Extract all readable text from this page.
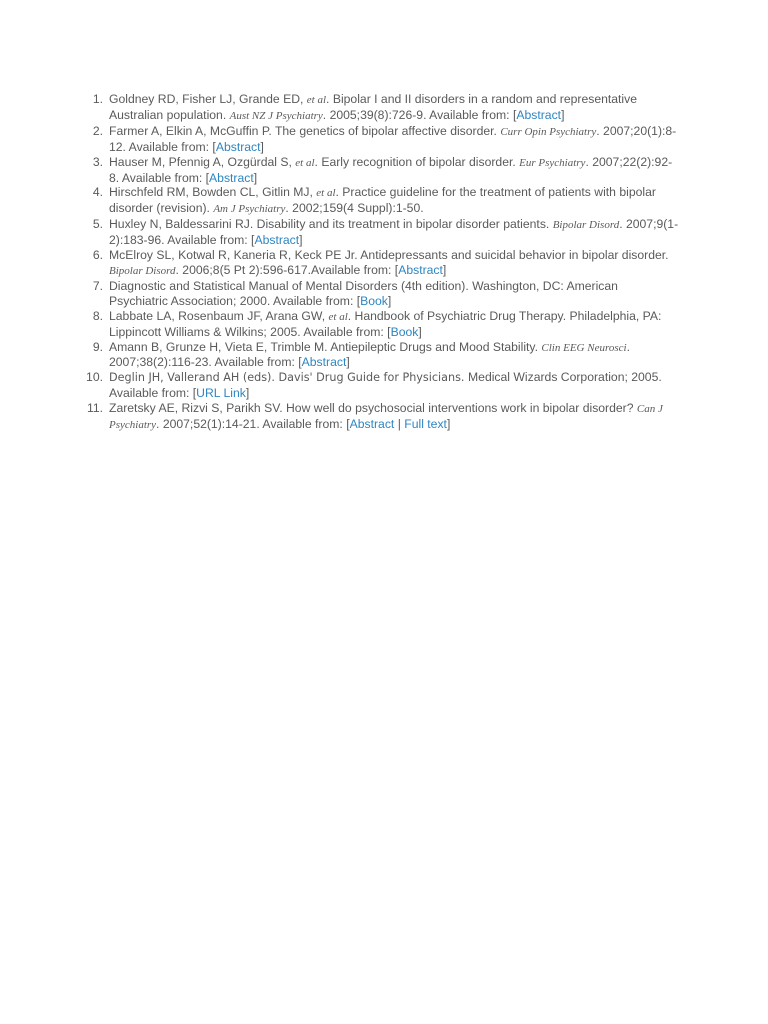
1. Goldney RD, Fisher LJ, Grande ED, et al. Bipolar I and II disorders in a random and representative Australian population. Aust NZ J Psychiatry. 2005;39(8):726-9. Available from: [Abstract]
2. Farmer A, Elkin A, McGuffin P. The genetics of bipolar affective disorder. Curr Opin Psychiatry. 2007;20(1):8-12. Available from: [Abstract]
3. Hauser M, Pfennig A, Ozgürdal S, et al. Early recognition of bipolar disorder. Eur Psychiatry. 2007;22(2):92-8. Available from: [Abstract]
4. Hirschfeld RM, Bowden CL, Gitlin MJ, et al. Practice guideline for the treatment of patients with bipolar disorder (revision). Am J Psychiatry. 2002;159(4 Suppl):1-50.
5. Huxley N, Baldessarini RJ. Disability and its treatment in bipolar disorder patients. Bipolar Disord. 2007;9(1-2):183-96. Available from: [Abstract]
6. McElroy SL, Kotwal R, Kaneria R, Keck PE Jr. Antidepressants and suicidal behavior in bipolar disorder. Bipolar Disord. 2006;8(5 Pt 2):596-617.Available from: [Abstract]
7. Diagnostic and Statistical Manual of Mental Disorders (4th edition). Washington, DC: American Psychiatric Association; 2000. Available from: [Book]
8. Labbate LA, Rosenbaum JF, Arana GW, et al. Handbook of Psychiatric Drug Therapy. Philadelphia, PA: Lippincott Williams & Wilkins; 2005. Available from: [Book]
9. Amann B, Grunze H, Vieta E, Trimble M. Antiepileptic Drugs and Mood Stability. Clin EEG Neurosci. 2007;38(2):116-23. Available from: [Abstract]
10. Deglin JH, Vallerand AH (eds). Davis' Drug Guide for Physicians. Medical Wizards Corporation; 2005. Available from: [URL Link]
11. Zaretsky AE, Rizvi S, Parikh SV. How well do psychosocial interventions work in bipolar disorder? Can J Psychiatry. 2007;52(1):14-21. Available from: [Abstract | Full text]
